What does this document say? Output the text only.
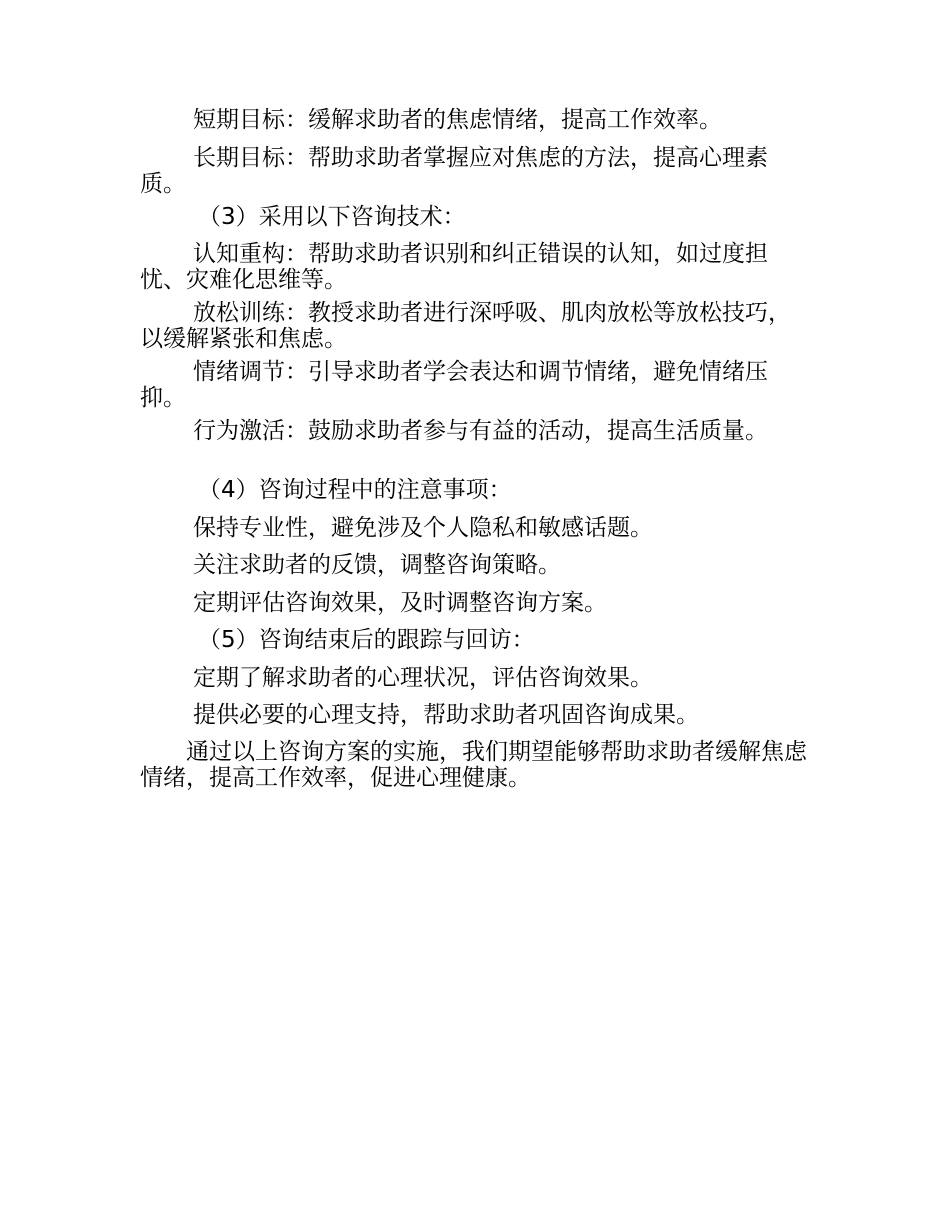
短期目标：缓解求助者的焦虑情绪，提高工作效率。

长期目标：帮助求助者掌握应对焦虑的方法，提高心理素质。

（3）采用以下咨询技术：

认知重构：帮助求助者识别和纠正错误的认知，如过度担忧、灾难化思维等。

放松训练：教授求助者进行深呼吸、肌肉放松等放松技巧，以缓解紧张和焦虑。

情绪调节：引导求助者学会表达和调节情绪，避免情绪压抑。

行为激活：鼓励求助者参与有益的活动，提高生活质量。

（4）咨询过程中的注意事项：

保持专业性，避免涉及个人隐私和敏感话题。

关注求助者的反馈，调整咨询策略。

定期评估咨询效果，及时调整咨询方案。

（5）咨询结束后的跟踪与回访：

定期了解求助者的心理状况，评估咨询效果。

提供必要的心理支持，帮助求助者巩固咨询成果。

通过以上咨询方案的实施，我们期望能够帮助求助者缓解焦虑情绪，提高工作效率，促进心理健康。
